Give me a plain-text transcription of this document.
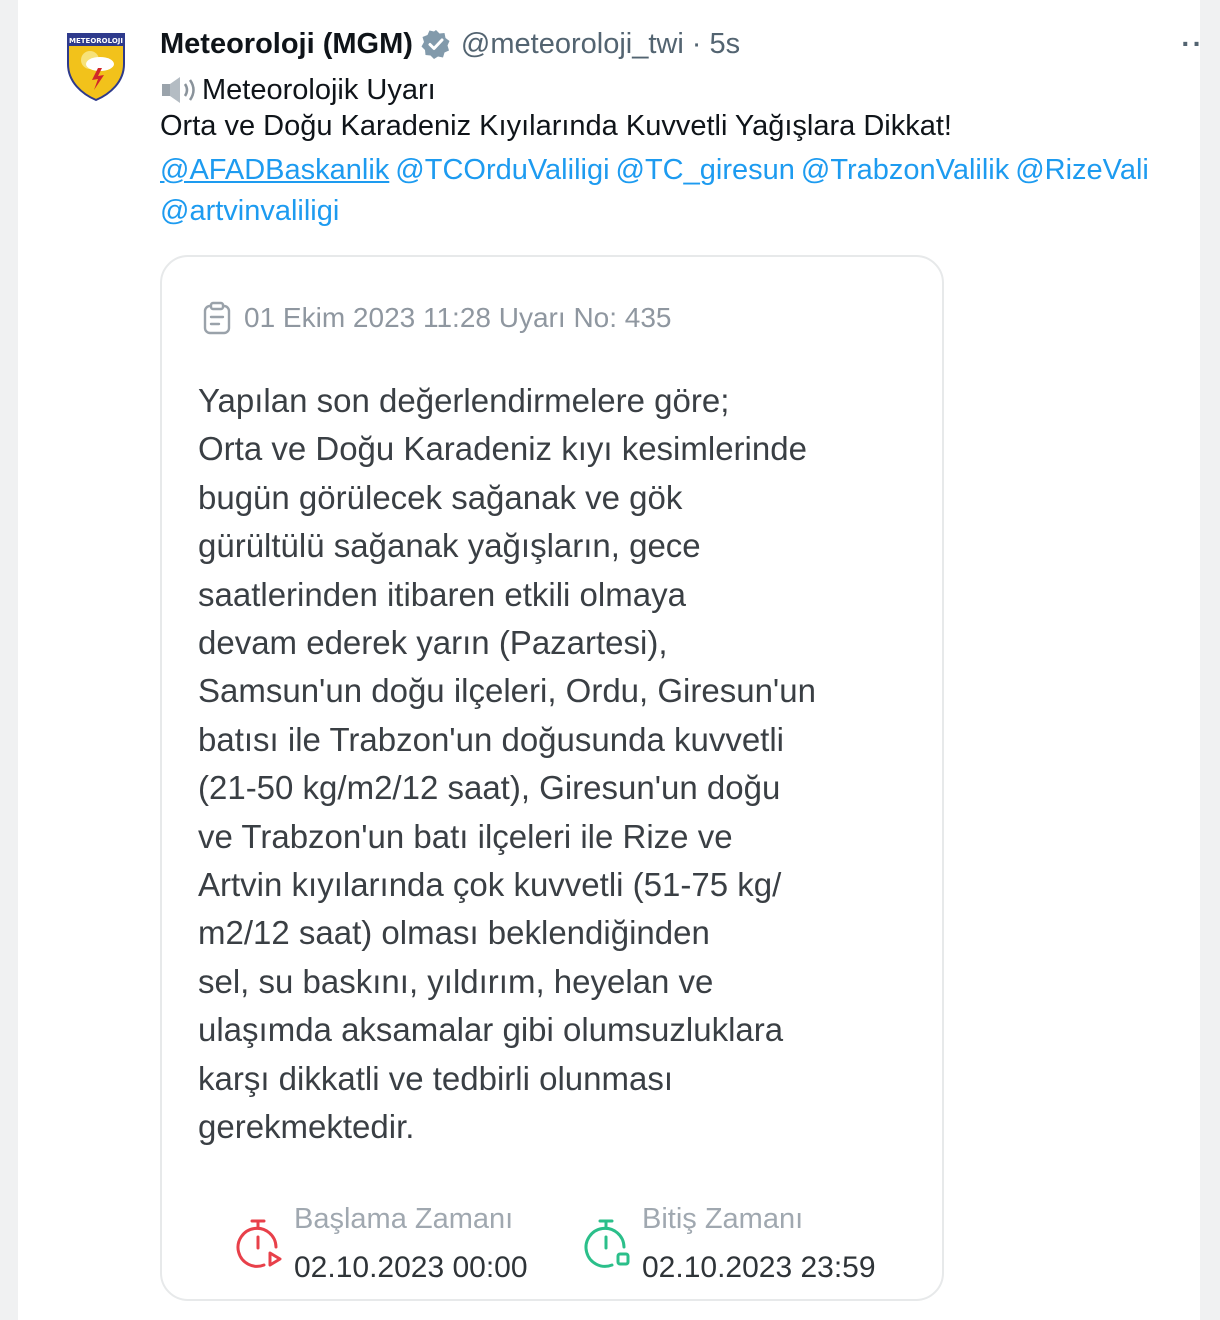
METEOROLOJI Meteoroloji (MGM) @meteoroloji_twi · 5s	··
Meteorolojik Uyarı
Orta ve Doğu Karadeniz Kıyılarında Kuvvetli Yağışlara Dikkat!
@AFADBaskanlik @TCOrduValiligi @TC_giresun @TrabzonValilik @RizeVali
@artvinvaliligi
01 Ekim 2023 11:28 Uyarı No: 435
Yapılan son değerlendirmelere göre;
Orta ve Doğu Karadeniz kıyı kesimlerinde
bugün görülecek sağanak ve gök
gürültülü sağanak yağışların, gece
saatlerinden itibaren etkili olmaya
devam ederek yarın (Pazartesi),
Samsun'un doğu ilçeleri, Ordu, Giresun'un
batısı ile Trabzon'un doğusunda kuvvetli
(21-50 kg/m2/12 saat), Giresun'un doğu
ve Trabzon'un batı ilçeleri ile Rize ve
Artvin kıyılarında çok kuvvetli (51-75 kg/
m2/12 saat) olması beklendiğinden
sel, su baskını, yıldırım, heyelan ve
ulaşımda aksamalar gibi olumsuzluklara
karşı dikkatli ve tedbirli olunması
gerekmektedir.
Başlama Zamanı
02.10.2023 00:00
Bitiş Zamanı
02.10.2023 23:59
